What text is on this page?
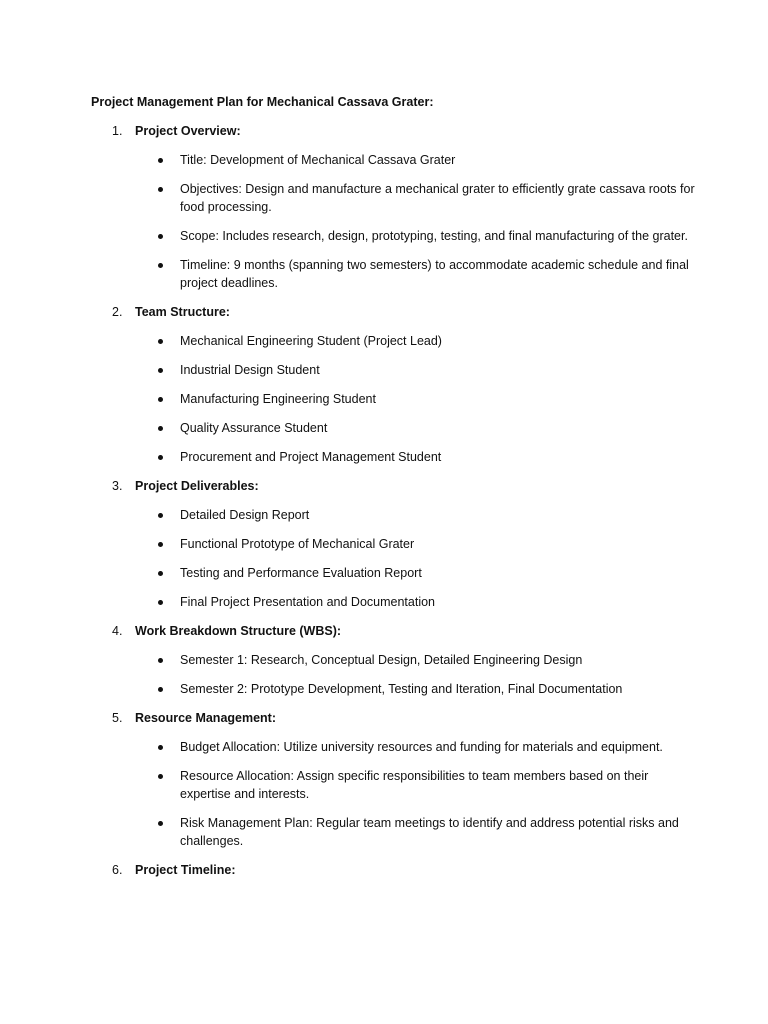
Project Management Plan for Mechanical Cassava Grater:
1. Project Overview:
Title: Development of Mechanical Cassava Grater
Objectives: Design and manufacture a mechanical grater to efficiently grate cassava roots for food processing.
Scope: Includes research, design, prototyping, testing, and final manufacturing of the grater.
Timeline: 9 months (spanning two semesters) to accommodate academic schedule and final project deadlines.
2. Team Structure:
Mechanical Engineering Student (Project Lead)
Industrial Design Student
Manufacturing Engineering Student
Quality Assurance Student
Procurement and Project Management Student
3. Project Deliverables:
Detailed Design Report
Functional Prototype of Mechanical Grater
Testing and Performance Evaluation Report
Final Project Presentation and Documentation
4. Work Breakdown Structure (WBS):
Semester 1: Research, Conceptual Design, Detailed Engineering Design
Semester 2: Prototype Development, Testing and Iteration, Final Documentation
5. Resource Management:
Budget Allocation: Utilize university resources and funding for materials and equipment.
Resource Allocation: Assign specific responsibilities to team members based on their expertise and interests.
Risk Management Plan: Regular team meetings to identify and address potential risks and challenges.
6. Project Timeline:
